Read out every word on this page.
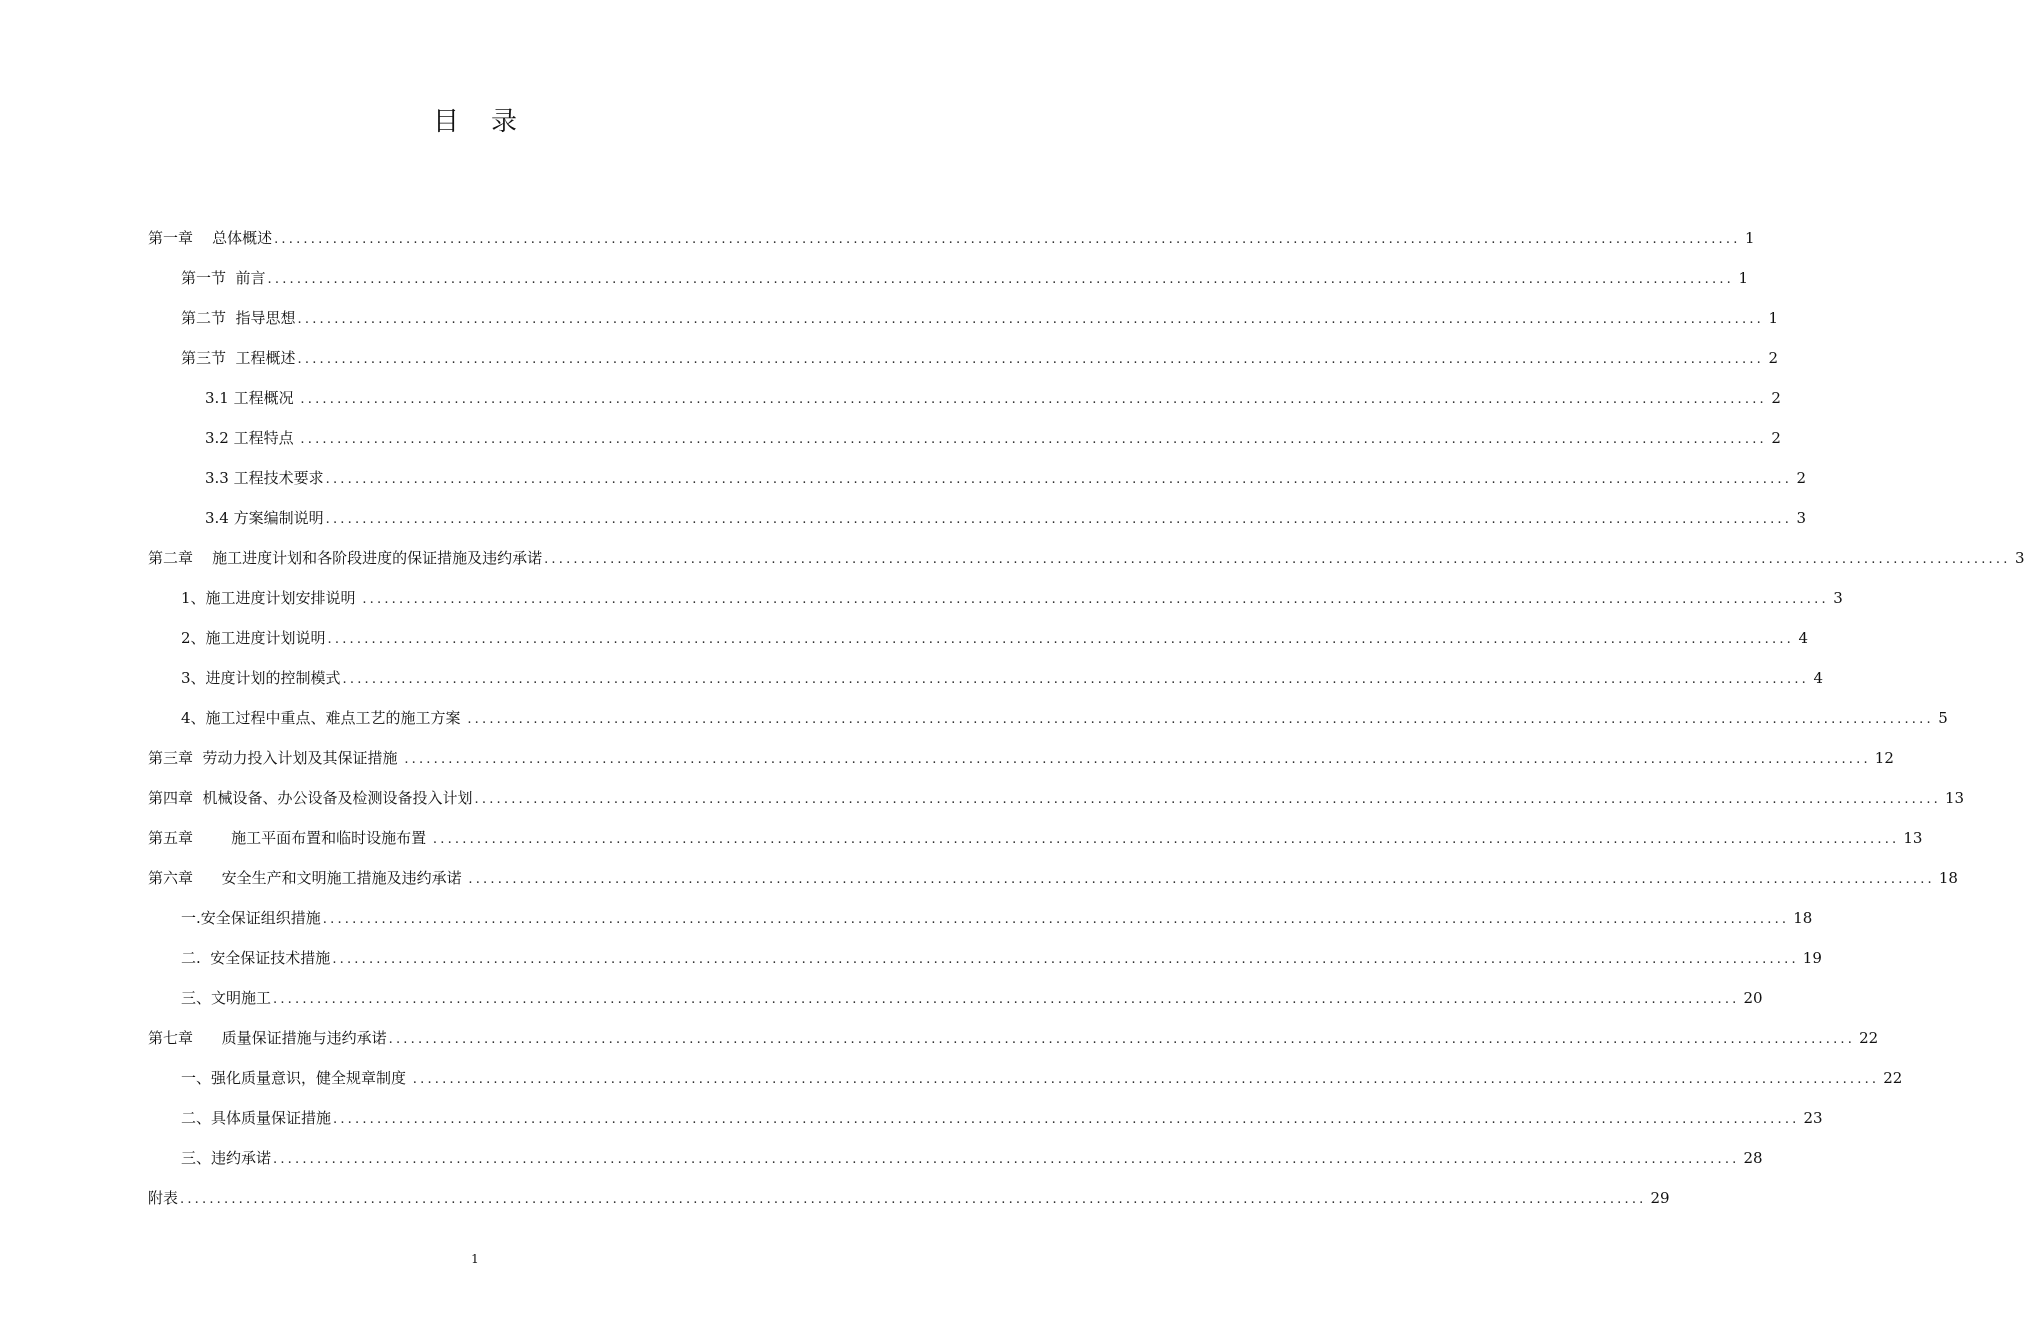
目录
第一章    总体概述 ........................................................................................................................................................................................................ 1
第一节  前言 ........................................................................................................................................................................................................ 1
第二节  指导思想 ........................................................................................................................................................................................................ 1
第三节  工程概述 ........................................................................................................................................................................................................ 2
3.1 工程概况 ........................................................................................................................................................................................................ 2
3.2 工程特点 ........................................................................................................................................................................................................ 2
3.3 工程技术要求 ........................................................................................................................................................................................................ 2
3.4 方案编制说明 ........................................................................................................................................................................................................ 3
第二章    施工进度计划和各阶段进度的保证措施及违约承诺 ........................................................................................................................................................................................................ 3
1、施工进度计划安排说明 ........................................................................................................................................................................................................ 3
2、施工进度计划说明 ........................................................................................................................................................................................................ 4
3、进度计划的控制模式 ........................................................................................................................................................................................................ 4
4、施工过程中重点、难点工艺的施工方案 ........................................................................................................................................................................................................ 5
第三章  劳动力投入计划及其保证措施 ........................................................................................................................................................................................................ 12
第四章  机械设备、办公设备及检测设备投入计划 ........................................................................................................................................................................................................ 13
第五章        施工平面布置和临时设施布置 ........................................................................................................................................................................................................ 13
第六章      安全生产和文明施工措施及违约承诺 ........................................................................................................................................................................................................ 18
一.安全保证组织措施 ........................................................................................................................................................................................................ 18
二.  安全保证技术措施 ........................................................................................................................................................................................................ 19
三、文明施工 ........................................................................................................................................................................................................ 20
第七章      质量保证措施与违约承诺 ........................................................................................................................................................................................................ 22
一、强化质量意识，健全规章制度 ........................................................................................................................................................................................................ 22
二、具体质量保证措施 ........................................................................................................................................................................................................ 23
三、违约承诺 ........................................................................................................................................................................................................ 28
附表 ........................................................................................................................................................................................................ 29
1
